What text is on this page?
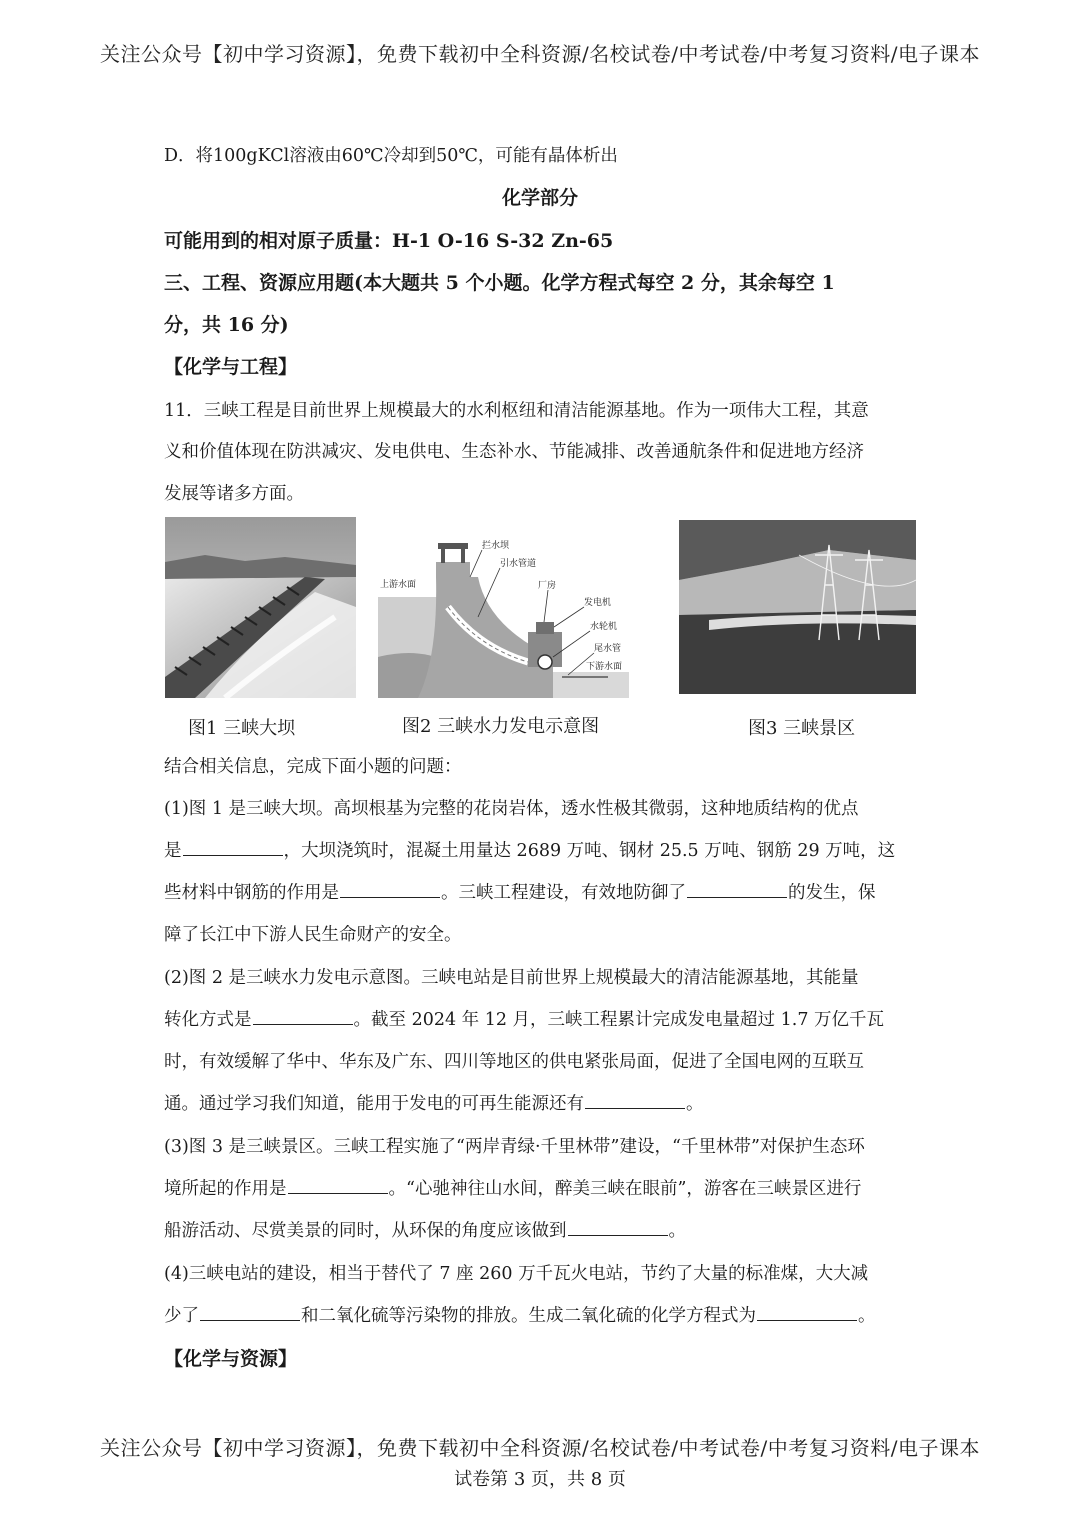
关注公众号【初中学习资源】，免费下载初中全科资源/名校试卷/中考试卷/中考复习资料/电子课本
D．将100gKCl溶液由60℃冷却到50℃，可能有晶体析出
化学部分
可能用到的相对原子质量：H-1 O-16 S-32 Zn-65
三、工程、资源应用题(本大题共 5 个小题。化学方程式每空 2 分，其余每空 1
分，共 16 分)
【化学与工程】
11．三峡工程是目前世界上规模最大的水利枢纽和清洁能源基地。作为一项伟大工程，其意
义和价值体现在防洪减灾、发电供电、生态补水、节能减排、改善通航条件和促进地方经济
发展等诸多方面。
上游水面
拦水坝
引水管道
厂房
发电机
水轮机
尾水管
下游水面
图1 三峡大坝	图2 三峡水力发电示意图	图3 三峡景区
结合相关信息，完成下面小题的问题：
(1)图 1 是三峡大坝。高坝根基为完整的花岗岩体，透水性极其微弱，这种地质结构的优点
是	，大坝浇筑时，混凝土用量达 2689 万吨、钢材 25.5 万吨、钢筋 29 万吨，这
些材料中钢筋的作用是	。三峡工程建设，有效地防御了	的发生，保
障了长江中下游人民生命财产的安全。
(2)图 2 是三峡水力发电示意图。三峡电站是目前世界上规模最大的清洁能源基地，其能量
转化方式是	。截至 2024 年 12 月，三峡工程累计完成发电量超过 1.7 万亿千瓦
时，有效缓解了华中、华东及广东、四川等地区的供电紧张局面，促进了全国电网的互联互
通。通过学习我们知道，能用于发电的可再生能源还有	。
(3)图 3 是三峡景区。三峡工程实施了“两岸青绿·千里林带”建设，“千里林带”对保护生态环
境所起的作用是	。“心驰神往山水间，醉美三峡在眼前”，游客在三峡景区进行
船游活动、尽赏美景的同时，从环保的角度应该做到	。
(4)三峡电站的建设，相当于替代了 7 座 260 万千瓦火电站，节约了大量的标准煤，大大减
少了	和二氧化硫等污染物的排放。生成二氧化硫的化学方程式为	。
【化学与资源】
关注公众号【初中学习资源】，免费下载初中全科资源/名校试卷/中考试卷/中考复习资料/电子课本
试卷第 3 页，共 8 页
